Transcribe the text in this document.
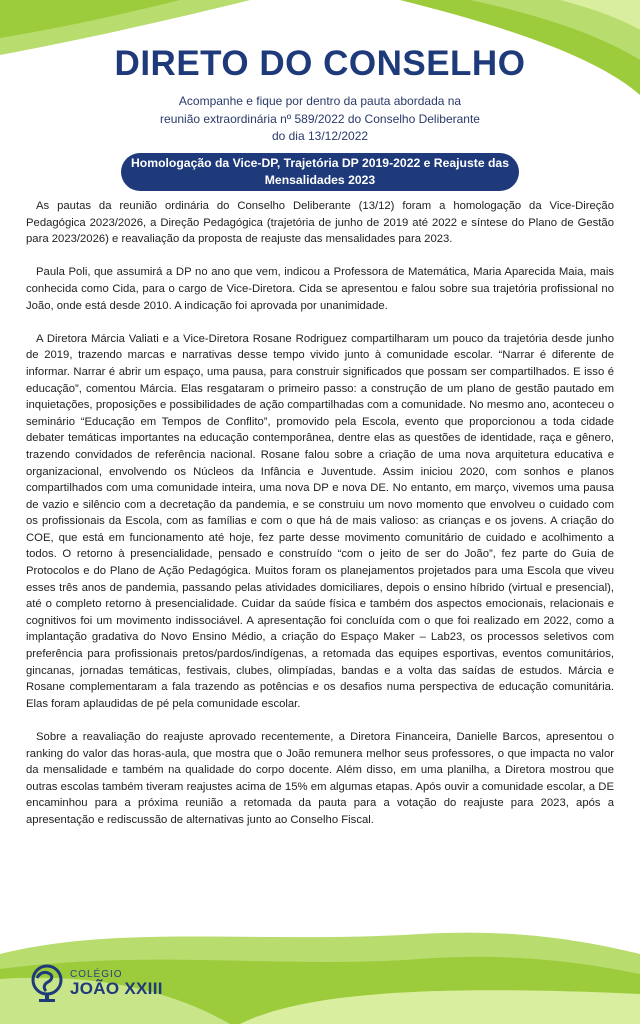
DIRETO DO CONSELHO
Acompanhe e fique por dentro da pauta abordada na reunião extraordinária nº 589/2022 do Conselho Deliberante do dia 13/12/2022
Homologação da Vice-DP, Trajetória DP 2019-2022 e Reajuste das Mensalidades 2023

As pautas da reunião ordinária do Conselho Deliberante (13/12) foram a homologação da Vice-Direção Pedagógica 2023/2026, a Direção Pedagógica (trajetória de junho de 2019 até 2022 e síntese do Plano de Gestão para 2023/2026) e reavaliação da proposta de reajuste das mensalidades para 2023.

Paula Poli, que assumirá a DP no ano que vem, indicou a Professora de Matemática, Maria Aparecida Maia, mais conhecida como Cida, para o cargo de Vice-Diretora. Cida se apresentou e falou sobre sua trajetória profissional no João, onde está desde 2010. A indicação foi aprovada por unanimidade.

A Diretora Márcia Valiati e a Vice-Diretora Rosane Rodriguez compartilharam um pouco da trajetória desde junho de 2019, trazendo marcas e narrativas desse tempo vivido junto à comunidade escolar. “Narrar é diferente de informar. Narrar é abrir um espaço, uma pausa, para construir significados que possam ser compartilhados. E isso é educação”, comentou Márcia. Elas resgataram o primeiro passo: a construção de um plano de gestão pautado em inquietações, proposições e possibilidades de ação compartilhadas com a comunidade. No mesmo ano, aconteceu o seminário “Educação em Tempos de Conflito”, promovido pela Escola, evento que proporcionou a toda cidade debater temáticas importantes na educação contemporânea, dentre elas as questões de identidade, raça e gênero, trazendo convidados de referência nacional. Rosane falou sobre a criação de uma nova arquitetura educativa e organizacional, envolvendo os Núcleos da Infância e Juventude. Assim iniciou 2020, com sonhos e planos compartilhados com uma comunidade inteira, uma nova DP e nova DE. No entanto, em março, vivemos uma pausa de vazio e silêncio com a decretação da pandemia, e se construiu um novo momento que envolveu o cuidado com os profissionais da Escola, com as famílias e com o que há de mais valioso: as crianças e os jovens. A criação do COE, que está em funcionamento até hoje, fez parte desse movimento comunitário de cuidado e acolhimento a todos. O retorno à presencialidade, pensado e construído “com o jeito de ser do João”, fez parte do Guia de Protocolos e do Plano de Ação Pedagógica. Muitos foram os planejamentos projetados para uma Escola que viveu esses três anos de pandemia, passando pelas atividades domiciliares, depois o ensino híbrido (virtual e presencial), até o completo retorno à presencialidade. Cuidar da saúde física e também dos aspectos emocionais, relacionais e cognitivos foi um movimento indissociável. A apresentação foi concluída com o que foi realizado em 2022, como a implantação gradativa do Novo Ensino Médio, a criação do Espaço Maker – Lab23, os processos seletivos com preferência para profissionais pretos/pardos/indígenas, a retomada das equipes esportivas, eventos comunitários, gincanas, jornadas temáticas, festivais, clubes, olimpíadas, bandas e a volta das saídas de estudos. Márcia e Rosane complementaram a fala trazendo as potências e os desafios numa perspectiva de educação comunitária. Elas foram aplaudidas de pé pela comunidade escolar.

Sobre a reavaliação do reajuste aprovado recentemente, a Diretora Financeira, Danielle Barcos, apresentou o ranking do valor das horas-aula, que mostra que o João remunera melhor seus professores, o que impacta no valor da mensalidade e também na qualidade do corpo docente. Além disso, em uma planilha, a Diretora mostrou que outras escolas também tiveram reajustes acima de 15% em algumas etapas. Após ouvir a comunidade escolar, a DE encaminhou para a próxima reunião a retomada da pauta para a votação do reajuste para 2023, após a apresentação e rediscussão de alternativas junto ao Conselho Fiscal.

COLÉGIO
JOÃO XXIII
